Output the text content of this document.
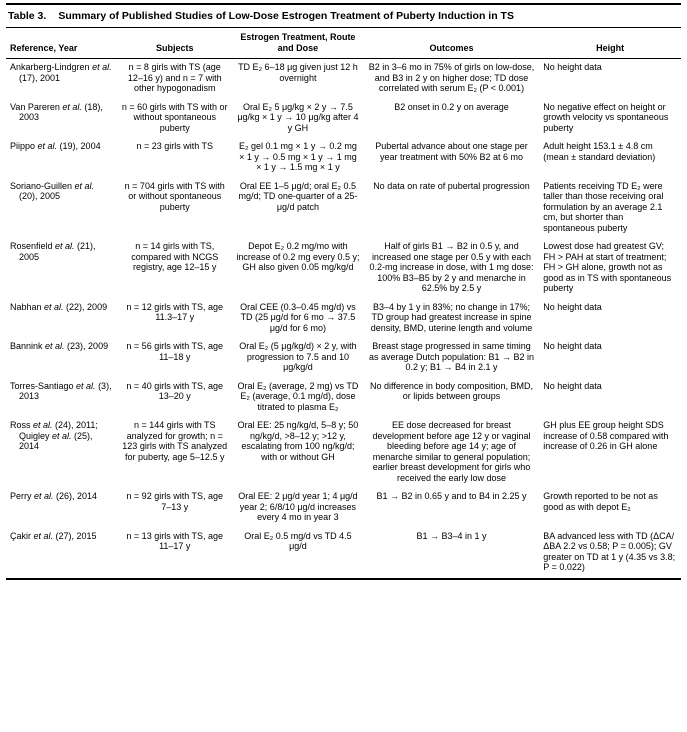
Table 3. Summary of Published Studies of Low-Dose Estrogen Treatment of Puberty Induction in TS
Reference, Year	Subjects	Estrogen Treatment, Route and Dose	Outcomes	Height
Ankarberg-Lindgren et al. (17), 2001	n = 8 girls with TS (age 12–16 y) and n = 7 with other hypogonadism	TD E₂ 6–18 μg given just 12 h overnight	B2 in 3–6 mo in 75% of girls on low-dose, and B3 in 2 y on higher dose; TD dose correlated with serum E₂ (P < 0.001)	No height data
Van Pareren et al. (18), 2003	n = 60 girls with TS with or without spontaneous puberty	Oral E₂ 5 μg/kg × 2 y → 7.5 μg/kg × 1 y → 10 μg/kg after 4 y GH	B2 onset in 0.2 y on average	No negative effect on height or growth velocity vs spontaneous puberty
Piippo et al. (19), 2004	n = 23 girls with TS	E₂ gel 0.1 mg × 1 y → 0.2 mg × 1 y → 0.5 mg × 1 y → 1 mg × 1 y → 1.5 mg × 1 y	Pubertal advance about one stage per year treatment with 50% B2 at 6 mo	Adult height 153.1 ± 4.8 cm (mean ± standard deviation)
Soriano-Guillen et al. (20), 2005	n = 704 girls with TS with or without spontaneous puberty	Oral EE 1–5 μg/d; oral E₂ 0.5 mg/d; TD one-quarter of a 25-μg/d patch	No data on rate of pubertal progression	Patients receiving TD E₂ were taller than those receiving oral formulation by an average 2.1 cm, but shorter than spontaneous puberty
Rosenfield et al. (21), 2005	n = 14 girls with TS, compared with NCGS registry, age 12–15 y	Depot E₂ 0.2 mg/mo with increase of 0.2 mg every 0.5 y; GH also given 0.05 mg/kg/d	Half of girls B1 → B2 in 0.5 y, and increased one stage per 0.5 y with each 0.2-mg increase in dose, with 1 mg dose: 100% B3–B5 by 2 y and menarche in 62.5% by 2.5 y	Lowest dose had greatest GV; FH > PAH at start of treatment; FH > GH alone, growth not as good as in TS with spontaneous puberty
Nabhan et al. (22), 2009	n = 12 girls with TS, age 11.3–17 y	Oral CEE (0.3–0.45 mg/d) vs TD (25 μg/d for 6 mo → 37.5 μg/d for 6 mo)	B3–4 by 1 y in 83%; no change in 17%; TD group had greatest increase in spine density, BMD, uterine length and volume	No height data
Bannink et al. (23), 2009	n = 56 girls with TS, age 11–18 y	Oral E₂ (5 μg/kg/d) × 2 y, with progression to 7.5 and 10 μg/kg/d	Breast stage progressed in same timing as average Dutch population: B1 → B2 in 0.2 y; B1 → B4 in 2.1 y	No height data
Torres-Santiago et al. (3), 2013	n = 40 girls with TS, age 13–20 y	Oral E₂ (average, 2 mg) vs TD E₂ (average, 0.1 mg/d), dose titrated to plasma E₂	No difference in body composition, BMD, or lipids between groups	No height data
Ross et al. (24), 2011; Quigley et al. (25), 2014	n = 144 girls with TS analyzed for growth; n = 123 girls with TS analyzed for puberty, age 5–12.5 y	Oral EE: 25 ng/kg/d, 5–8 y; 50 ng/kg/d, >8–12 y; >12 y, escalating from 100 ng/kg/d; with or without GH	EE dose decreased for breast development before age 12 y or vaginal bleeding before age 14 y; age of menarche similar to general population; earlier breast development for girls who received the early low dose	GH plus EE group height SDS increase of 0.58 compared with increase of 0.26 in GH alone
Perry et al. (26), 2014	n = 92 girls with TS, age 7–13 y	Oral EE: 2 μg/d year 1; 4 μg/d year 2; 6/8/10 μg/d increases every 4 mo in year 3	B1 → B2 in 0.65 y and to B4 in 2.25 y	Growth reported to be not as good as with depot E₂
Çakir et al. (27), 2015	n = 13 girls with TS, age 11–17 y	Oral E₂ 0.5 mg/d vs TD 4.5 μg/d	B1 → B3–4 in 1 y	BA advanced less with TD (ΔCA/ΔBA 2.2 vs 0.58; P = 0.005); GV greater on TD at 1 y (4.35 vs 3.8; P = 0.022)
